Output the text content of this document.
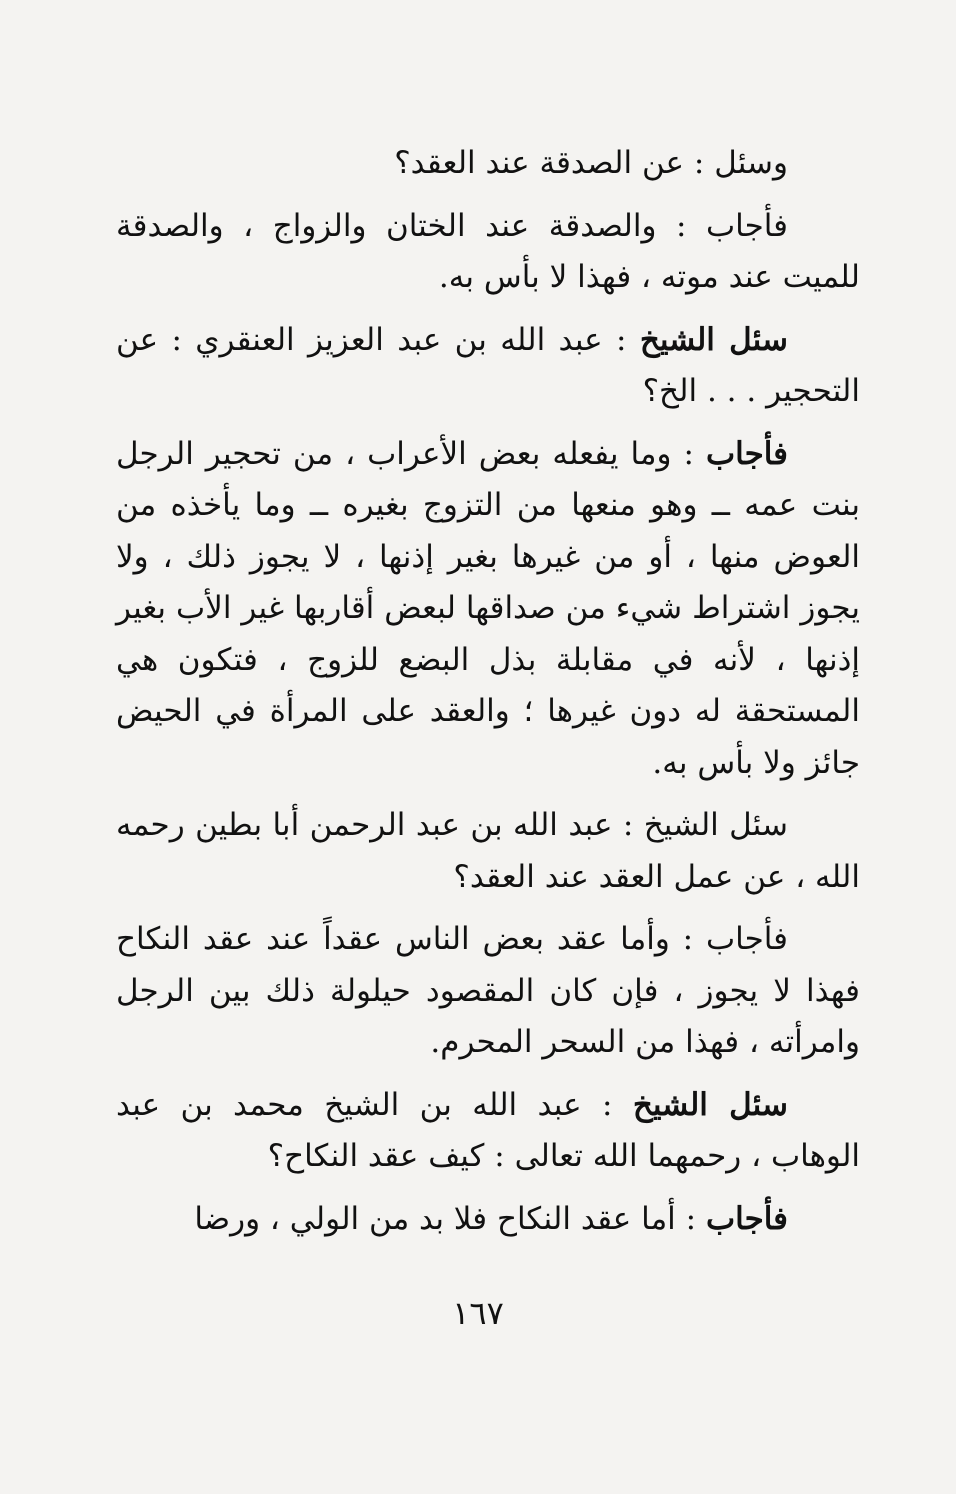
وسئل : عن الصدقة عند العقد؟

فأجاب : والصدقة عند الختان والزواج ، والصدقة للميت عند موته ، فهذا لا بأس به.

سئل الشيخ : عبد الله بن عبد العزيز العنقري : عن التحجير . . . الخ؟

فأجاب : وما يفعله بعض الأعراب ، من تحجير الرجل بنت عمه ــ وهو منعها من التزوج بغيره ــ وما يأخذه من العوض منها ، أو من غيرها بغير إذنها ، لا يجوز ذلك ، ولا يجوز اشتراط شيء من صداقها لبعض أقاربها غير الأب بغير إذنها ، لأنه في مقابلة بذل البضع للزوج ، فتكون هي المستحقة له دون غيرها ؛ والعقد على المرأة في الحيض جائز ولا بأس به.

سئل الشيخ : عبد الله بن عبد الرحمن أبا بطين رحمه الله ، عن عمل العقد عند العقد؟

فأجاب : وأما عقد بعض الناس عقداً عند عقد النكاح فهذا لا يجوز ، فإن كان المقصود حيلولة ذلك بين الرجل وامرأته ، فهذا من السحر المحرم.

سئل الشيخ : عبد الله بن الشيخ محمد بن عبد الوهاب ، رحمهما الله تعالى : كيف عقد النكاح؟

فأجاب : أما عقد النكاح فلا بد من الولي ، ورضا

١٦٧
